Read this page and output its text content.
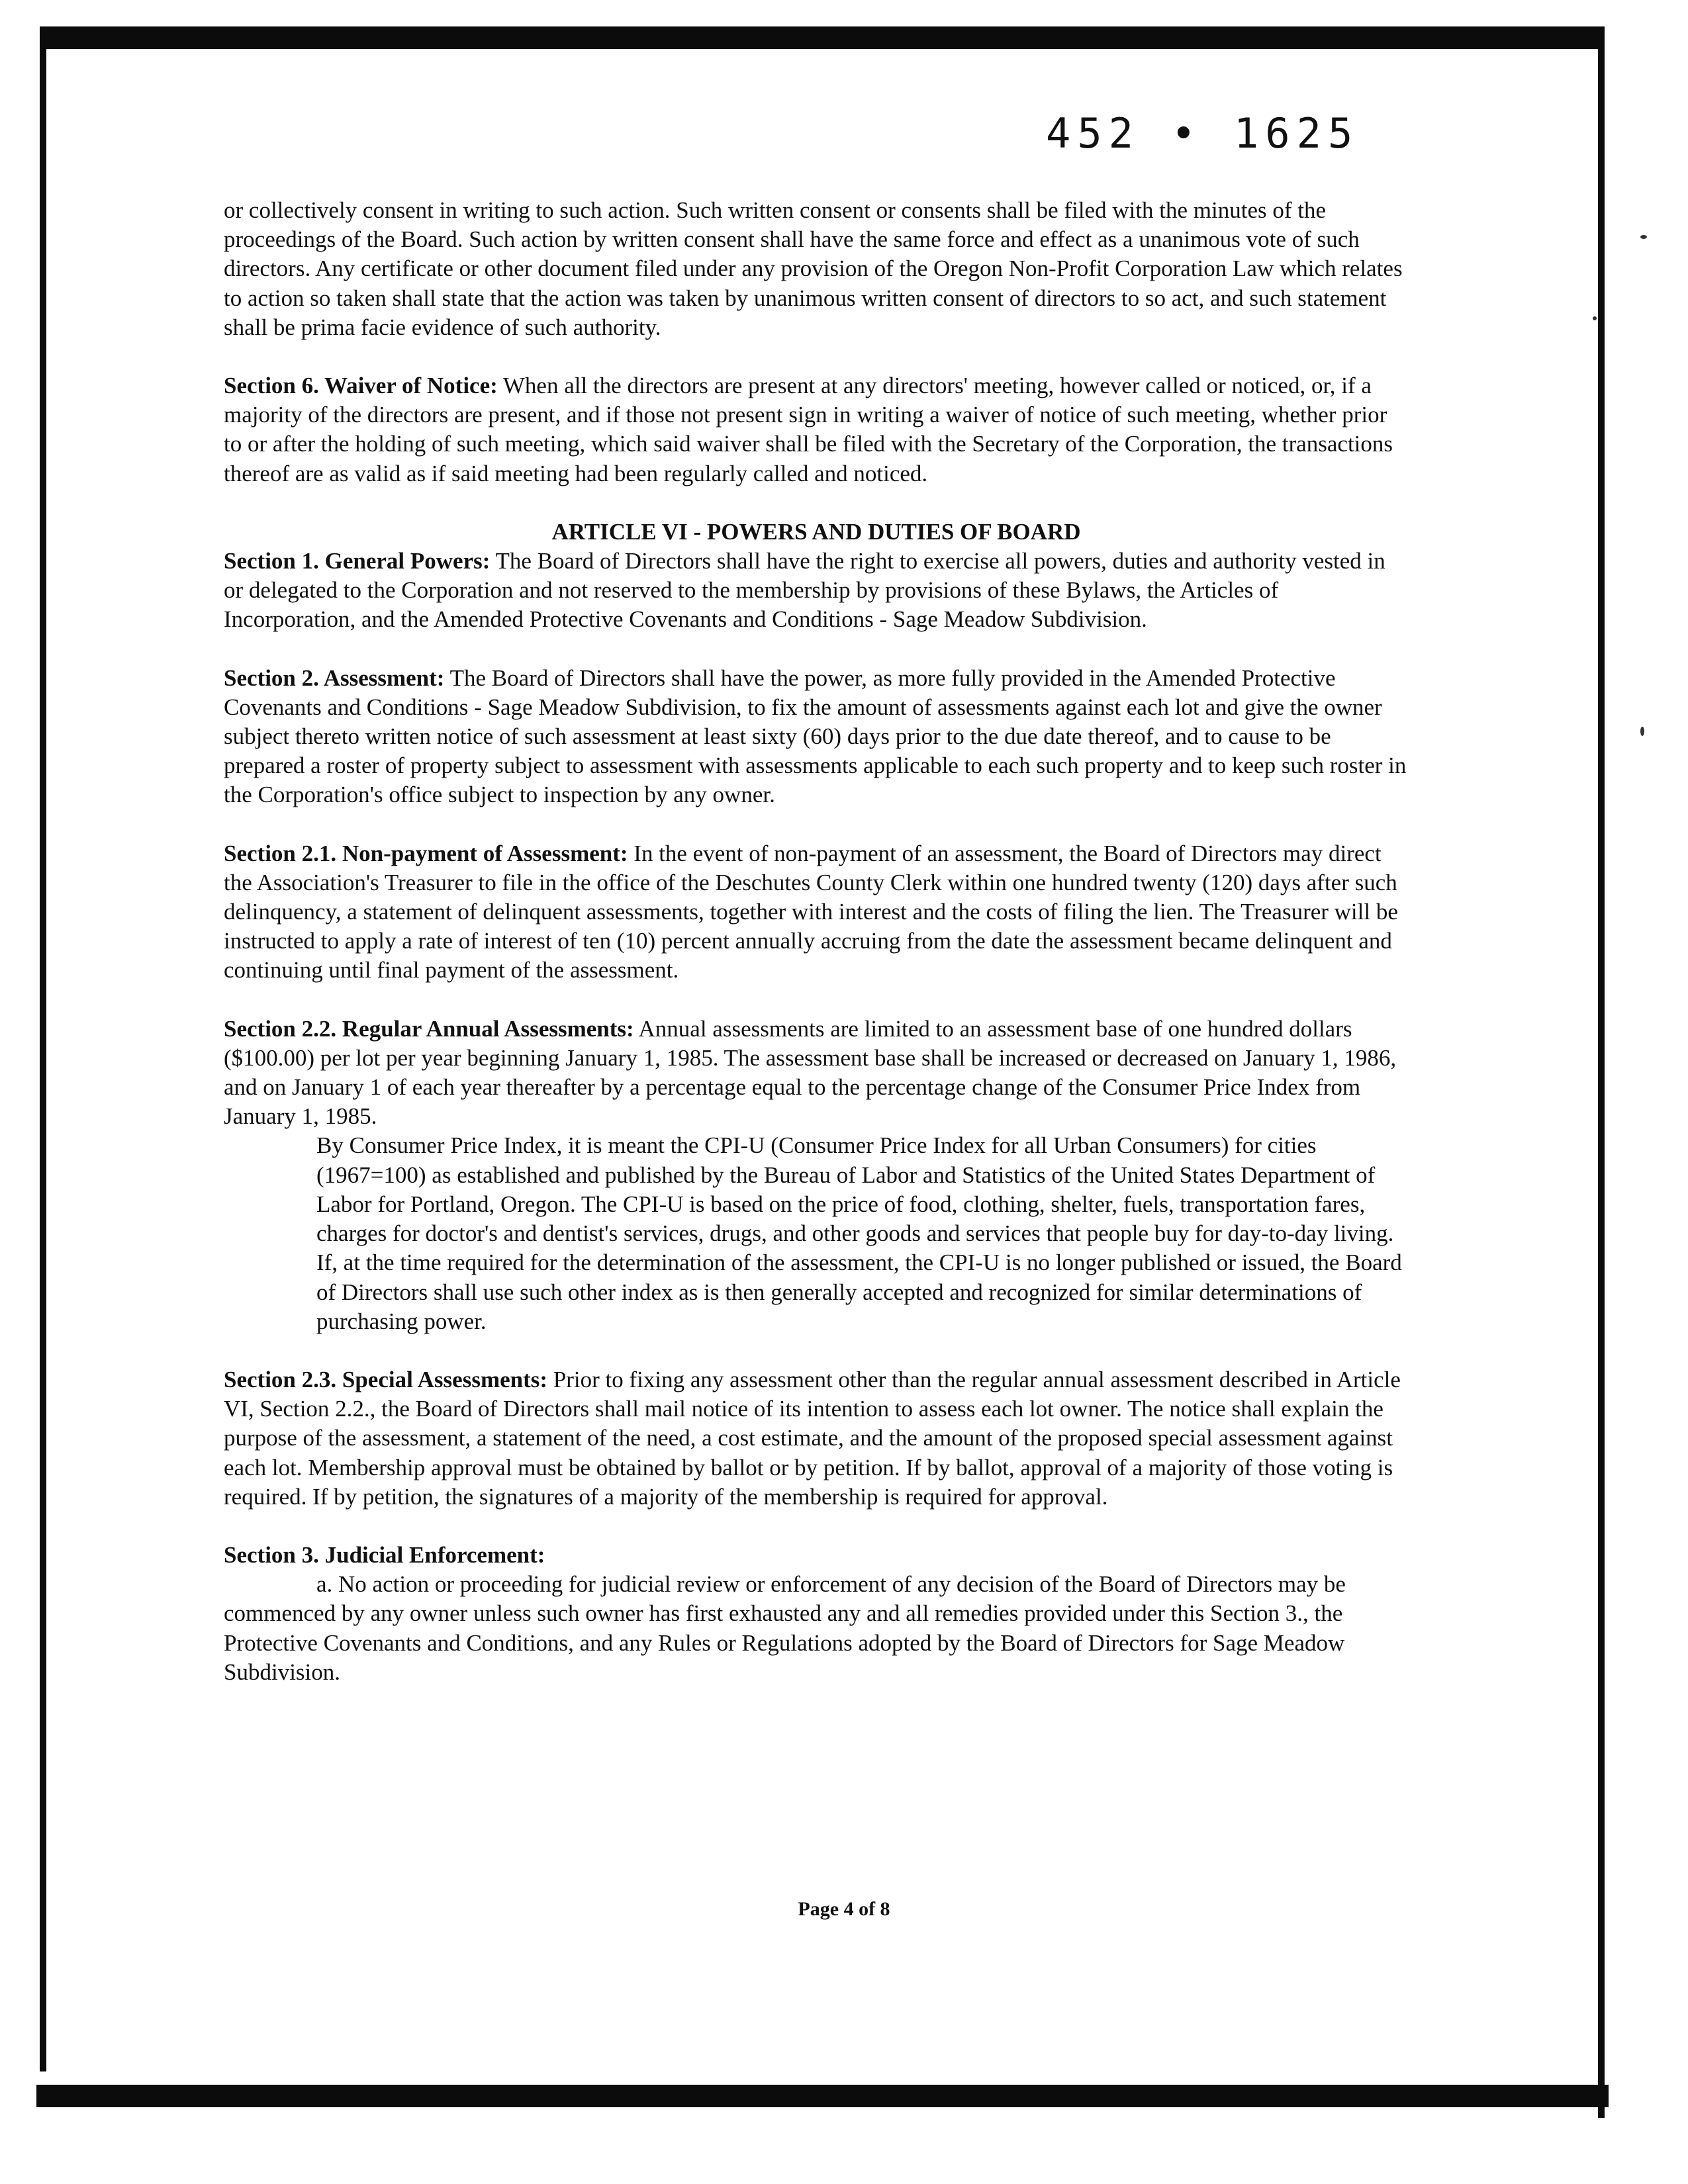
452 • 1625

or collectively consent in writing to such action. Such written consent or consents shall be filed with the minutes of the proceedings of the Board. Such action by written consent shall have the same force and effect as a unanimous vote of such directors. Any certificate or other document filed under any provision of the Oregon Non-Profit Corporation Law which relates to action so taken shall state that the action was taken by unanimous written consent of directors to so act, and such statement shall be prima facie evidence of such authority.

Section 6. Waiver of Notice: When all the directors are present at any directors' meeting, however called or noticed, or, if a majority of the directors are present, and if those not present sign in writing a waiver of notice of such meeting, whether prior to or after the holding of such meeting, which said waiver shall be filed with the Secretary of the Corporation, the transactions thereof are as valid as if said meeting had been regularly called and noticed.

ARTICLE VI - POWERS AND DUTIES OF BOARD

Section 1. General Powers: The Board of Directors shall have the right to exercise all powers, duties and authority vested in or delegated to the Corporation and not reserved to the membership by provisions of these Bylaws, the Articles of Incorporation, and the Amended Protective Covenants and Conditions - Sage Meadow Subdivision.

Section 2. Assessment: The Board of Directors shall have the power, as more fully provided in the Amended Protective Covenants and Conditions - Sage Meadow Subdivision, to fix the amount of assessments against each lot and give the owner subject thereto written notice of such assessment at least sixty (60) days prior to the due date thereof, and to cause to be prepared a roster of property subject to assessment with assessments applicable to each such property and to keep such roster in the Corporation's office subject to inspection by any owner.

Section 2.1. Non-payment of Assessment: In the event of non-payment of an assessment, the Board of Directors may direct the Association's Treasurer to file in the office of the Deschutes County Clerk within one hundred twenty (120) days after such delinquency, a statement of delinquent assessments, together with interest and the costs of filing the lien. The Treasurer will be instructed to apply a rate of interest of ten (10) percent annually accruing from the date the assessment became delinquent and continuing until final payment of the assessment.

Section 2.2. Regular Annual Assessments: Annual assessments are limited to an assessment base of one hundred dollars ($100.00) per lot per year beginning January 1, 1985. The assessment base shall be increased or decreased on January 1, 1986, and on January 1 of each year thereafter by a percentage equal to the percentage change of the Consumer Price Index from January 1, 1985.

By Consumer Price Index, it is meant the CPI-U (Consumer Price Index for all Urban Consumers) for cities (1967=100) as established and published by the Bureau of Labor and Statistics of the United States Department of Labor for Portland, Oregon. The CPI-U is based on the price of food, clothing, shelter, fuels, transportation fares, charges for doctor's and dentist's services, drugs, and other goods and services that people buy for day-to-day living. If, at the time required for the determination of the assessment, the CPI-U is no longer published or issued, the Board of Directors shall use such other index as is then generally accepted and recognized for similar determinations of purchasing power.

Section 2.3. Special Assessments: Prior to fixing any assessment other than the regular annual assessment described in Article VI, Section 2.2., the Board of Directors shall mail notice of its intention to assess each lot owner. The notice shall explain the purpose of the assessment, a statement of the need, a cost estimate, and the amount of the proposed special assessment against each lot. Membership approval must be obtained by ballot or by petition. If by ballot, approval of a majority of those voting is required. If by petition, the signatures of a majority of the membership is required for approval.

Section 3. Judicial Enforcement:

a. No action or proceeding for judicial review or enforcement of any decision of the Board of Directors may be commenced by any owner unless such owner has first exhausted any and all remedies provided under this Section 3., the Protective Covenants and Conditions, and any Rules or Regulations adopted by the Board of Directors for Sage Meadow Subdivision.

Page 4 of 8
